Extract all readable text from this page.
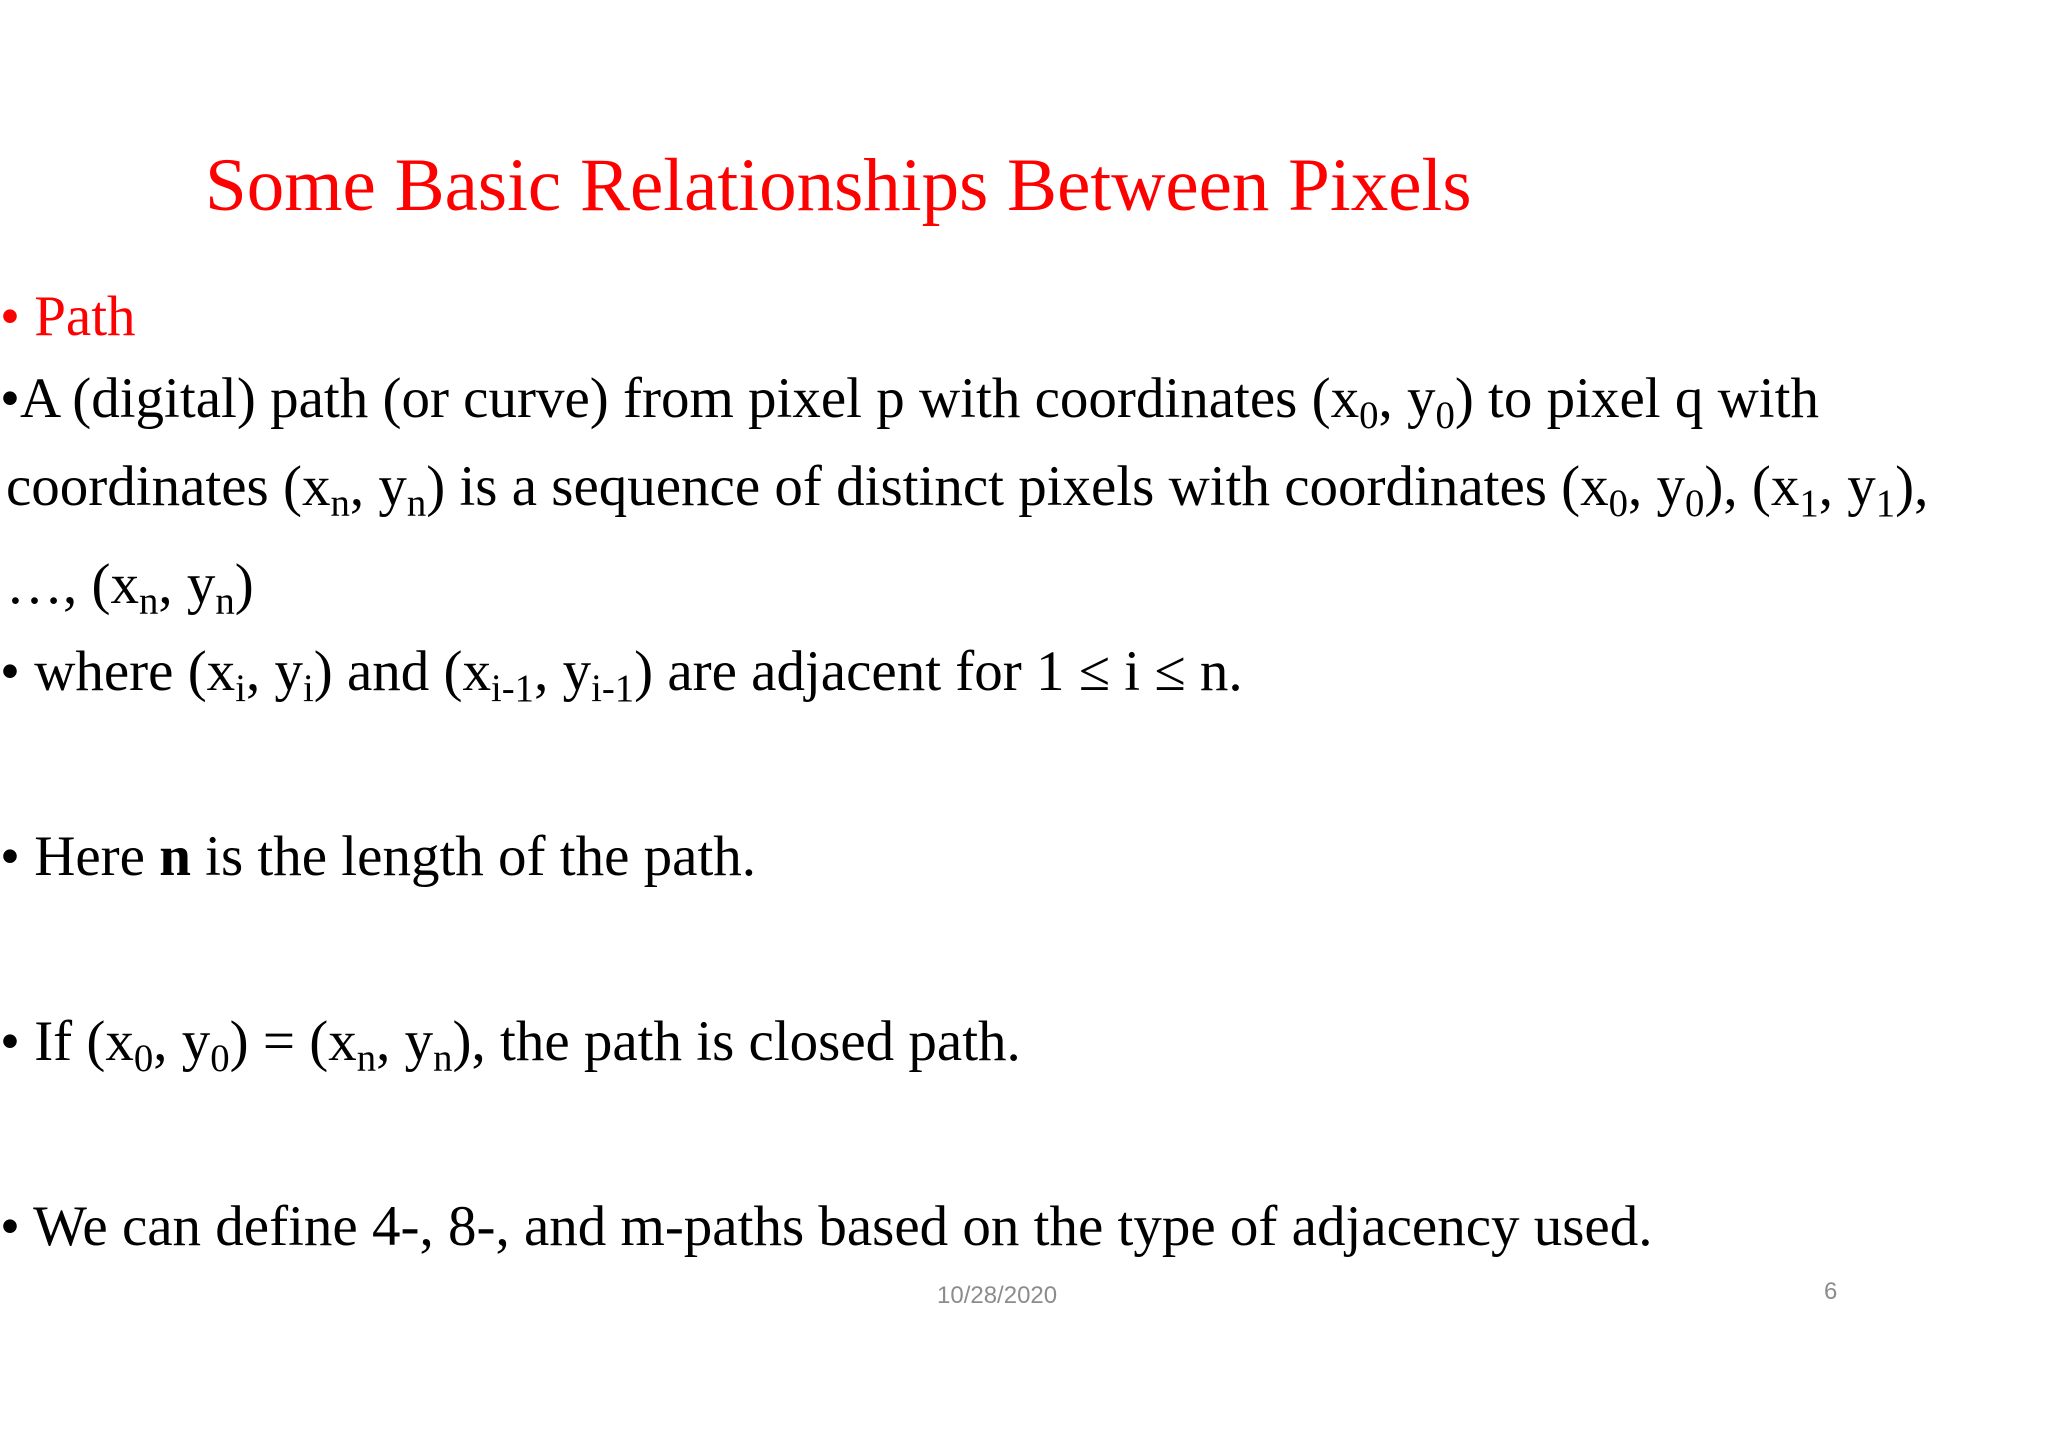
Some Basic Relationships Between Pixels
• Path
•A (digital) path (or curve) from pixel p with coordinates ($x_0$, $y_0$) to pixel q with
coordinates ($x_n$, $y_n$) is a sequence of distinct pixels with coordinates ($x_0$, $y_0$), ($x_1$, $y_1$),
…, ($x_n$, $y_n$)
• where ($x_i$, $y_i$) and ($x_{i-1}$, $y_{i-1}$) are adjacent for 1 ≤ i ≤ n.
• Here n is the length of the path.
• If ($x_0$, $y_0) = (x_n$, $y_n$), the path is closed path.
• We can define 4-, 8-, and m-paths based on the type of adjacency used.
10/28/2020	6
